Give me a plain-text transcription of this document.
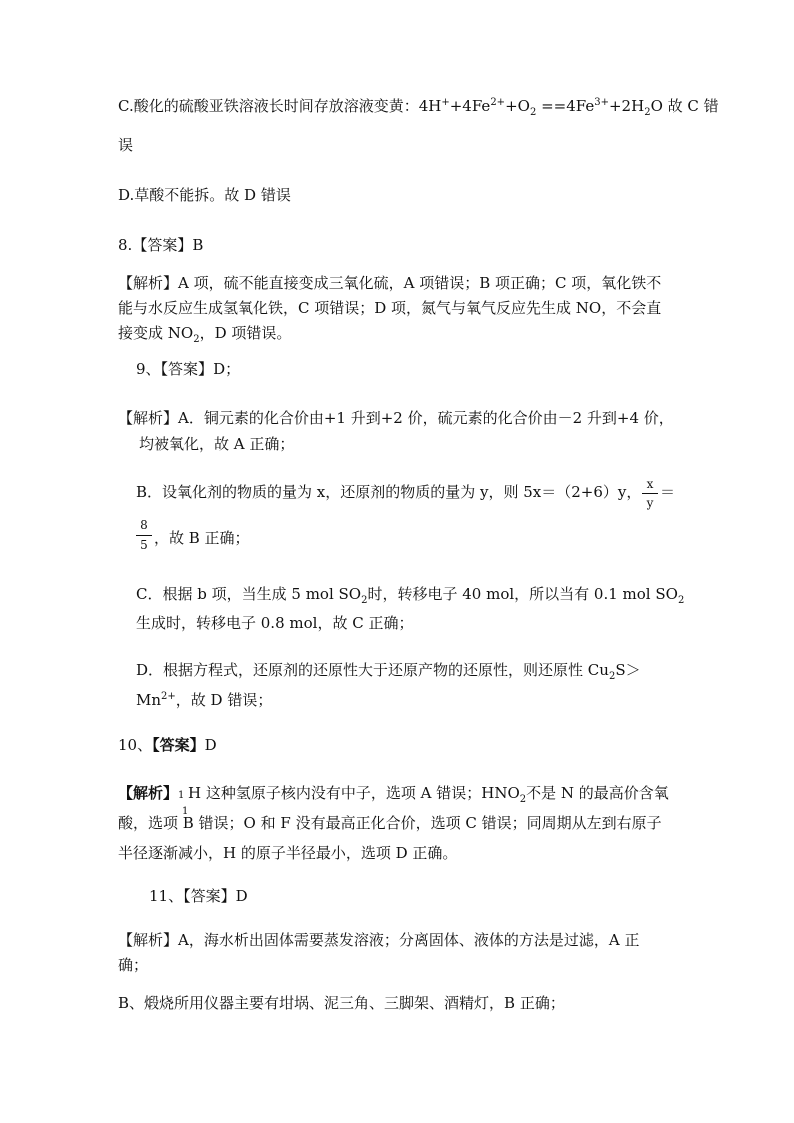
C.酸化的硫酸亚铁溶液长时间存放溶液变黄：$4H^++4Fe^{2+}+O_2 ==4Fe^{3+}+2H_2O$ 故 C 错
误
D.草酸不能拆。故 D 错误
8.【答案】B
【解析】A 项，硫不能直接变成三氧化硫，A 项错误；B 项正确；C 项，氧化铁不
能与水反应生成氢氧化铁，C 项错误；D 项，氮气与氧气反应先生成 NO，不会直
接变成 $NO_2$，D 项错误。
9、【答案】D；
【解析】A．铜元素的化合价由+1 升到+2 价，硫元素的化合价由－2 升到+4 价，
均被氧化，故 A 正确；
B．设氧化剂的物质的量为 x，还原剂的物质的量为 y，则 5x＝（2+6）y， x
y
＝
8
5 ，故 B 正确；
C．根据 b 项，当生成 5 mol $SO_2$时，转移电子 40 mol，所以当有 0.1 mol $SO_2$
生成时，转移电子 0.8 mol，故 C 正确；
D．根据方程式，还原剂的还原性大于还原产物的还原性，则还原性 $Cu_2S>$
$Mn^{2+}$，故 D 错误；
10、【答案】D
【解析】 1
1
H 这种氢原子核内没有中子，选项 A 错误；$HNO_2$不是 N 的最高价含氧
酸，选项 B 错误；O 和 F 没有最高正化合价，选项 C 错误；同周期从左到右原子
半径逐渐减小，H 的原子半径最小，选项 D 正确。
11、【答案】D
【解析】A，海水析出固体需要蒸发溶液；分离固体、液体的方法是过滤，A 正
确；
B、煅烧所用仪器主要有坩埚、泥三角、三脚架、酒精灯，B 正确；
